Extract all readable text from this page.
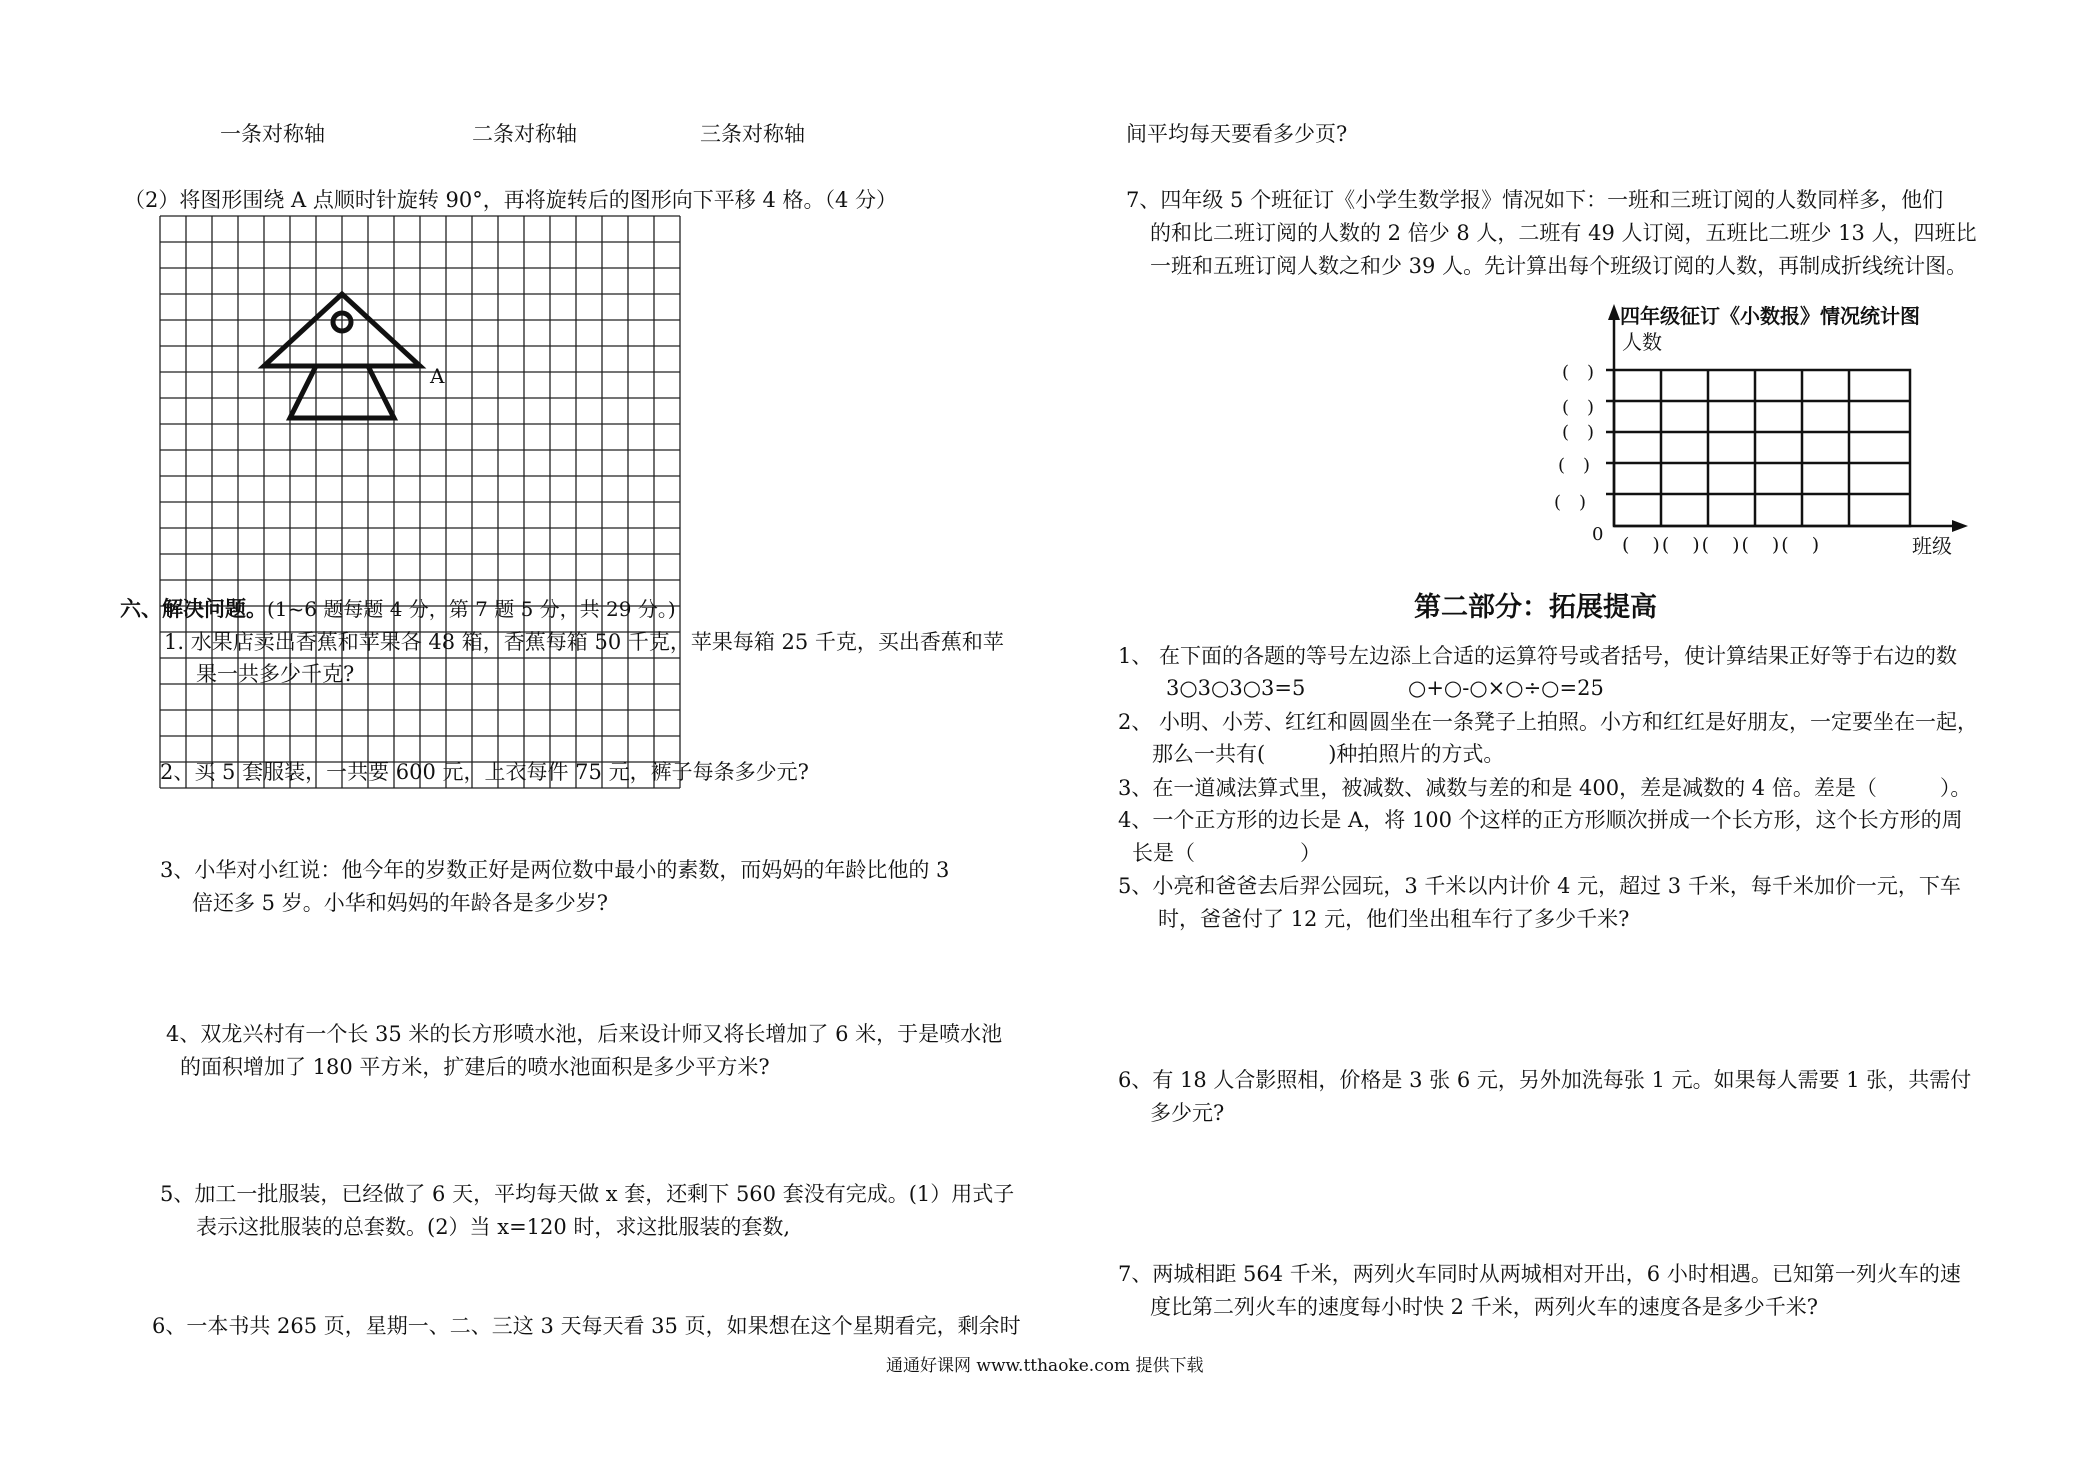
一条对称轴	二条对称轴	三条对称轴
（2）将图形围绕 A 点顺时针旋转 90°，再将旋转后的图形向下平移 4 格。（4 分）
A
六、解决问题。(1~6 题每题 4 分，第 7 题 5 分，共 29 分。)
1. 水果店卖出香蕉和苹果各 48 箱，香蕉每箱 50 千克，苹果每箱 25 千克，买出香蕉和苹
果一共多少千克?
2、买 5 套服装，一共要 600 元，上衣每件 75 元，裤子每条多少元?
3、小华对小红说：他今年的岁数正好是两位数中最小的素数，而妈妈的年龄比他的 3
倍还多 5 岁。小华和妈妈的年龄各是多少岁?
4、双龙兴村有一个长 35 米的长方形喷水池，后来设计师又将长增加了 6 米，于是喷水池
的面积增加了 180 平方米，扩建后的喷水池面积是多少平方米?
5、加工一批服装，已经做了 6 天，平均每天做 x 套，还剩下 560 套没有完成。(1）用式子
表示这批服装的总套数。(2）当 x=120 时，求这批服装的套数,
6、一本书共 265 页，星期一、二、三这 3 天每天看 35 页，如果想在这个星期看完，剩余时
间平均每天要看多少页?
7、四年级 5 个班征订《小学生数学报》情况如下：一班和三班订阅的人数同样多，他们
的和比二班订阅的人数的 2 倍少 8 人，二班有 49 人订阅，五班比二班少 13 人，四班比
一班和五班订阅人数之和少 39 人。先计算出每个班级订阅的人数，再制成折线统计图。
四年级征订《小数报》情况统计图
人数
(　)
(　)
(　)
(　)
(　)
0 (　)(　)(　)(　)(　)	班级
第二部分：拓展提高
1、 在下面的各题的等号左边添上合适的运算符号或者括号，使计算结果正好等于右边的数
3○3○3○3=5	○+○-○×○÷○=25
2、 小明、小芳、红红和圆圆坐在一条凳子上拍照。小方和红红是好朋友，一定要坐在一起，
那么一共有(　　　)种拍照片的方式。
3、在一道减法算式里，被减数、减数与差的和是 400，差是减数的 4 倍。差是（　　　）。
4、一个正方形的边长是 A，将 100 个这样的正方形顺次拼成一个长方形，这个长方形的周
长是（　　　　　）
5、小亮和爸爸去后羿公园玩，3 千米以内计价 4 元，超过 3 千米，每千米加价一元，下车
时，爸爸付了 12 元，他们坐出租车行了多少千米?
6、有 18 人合影照相，价格是 3 张 6 元，另外加洗每张 1 元。如果每人需要 1 张，共需付
多少元?
7、两城相距 564 千米，两列火车同时从两城相对开出，6 小时相遇。已知第一列火车的速
度比第二列火车的速度每小时快 2 千米，两列火车的速度各是多少千米?
通通好课网 www.tthaoke.com 提供下载
